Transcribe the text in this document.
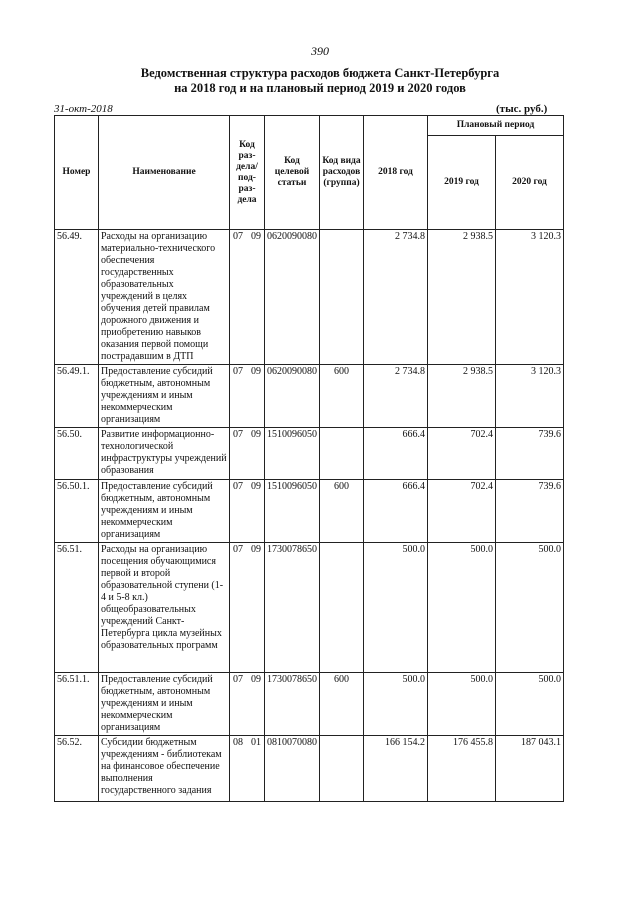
390
Ведомственная структура расходов бюджета Санкт-Петербурга
на 2018 год и на плановый период 2019 и 2020 годов
31-окт-2018	(тыс. руб.)
Номер	Наименование	Код раз- дела/ под- раз- дела	Код целевой статьи	Код вида расходов (группа)	2018 год	Плановый период	
						2019 год	2020 год
56.49.	Расходы на организацию материально-технического обеспечения государственных образовательных учреждений в целях обучения детей правилам дорожного движения и приобретению навыков оказания первой помощи пострадавшим в ДТП	07 09	0620090080		2 734.8	2 938.5	3 120.3
56.49.1.	Предоставление субсидий бюджетным, автономным учреждениям и иным некоммерческим организациям	07 09	0620090080	600	2 734.8	2 938.5	3 120.3
56.50.	Развитие информационно-технологической инфраструктуры учреждений образования	07 09	1510096050		666.4	702.4	739.6
56.50.1.	Предоставление субсидий бюджетным, автономным учреждениям и иным некоммерческим организациям	07 09	1510096050	600	666.4	702.4	739.6
56.51.	Расходы на организацию посещения обучающимися первой и второй образовательной ступени (1-4 и 5-8 кл.) общеобразовательных учреждений Санкт-Петербурга цикла музейных образовательных программ	07 09	1730078650		500.0	500.0	500.0
56.51.1.	Предоставление субсидий бюджетным, автономным учреждениям и иным некоммерческим организациям	07 09	1730078650	600	500.0	500.0	500.0
56.52.	Субсидии бюджетным учреждениям - библиотекам на финансовое обеспечение выполнения государственного задания	08 01	0810070080		166 154.2	176 455.8	187 043.1
